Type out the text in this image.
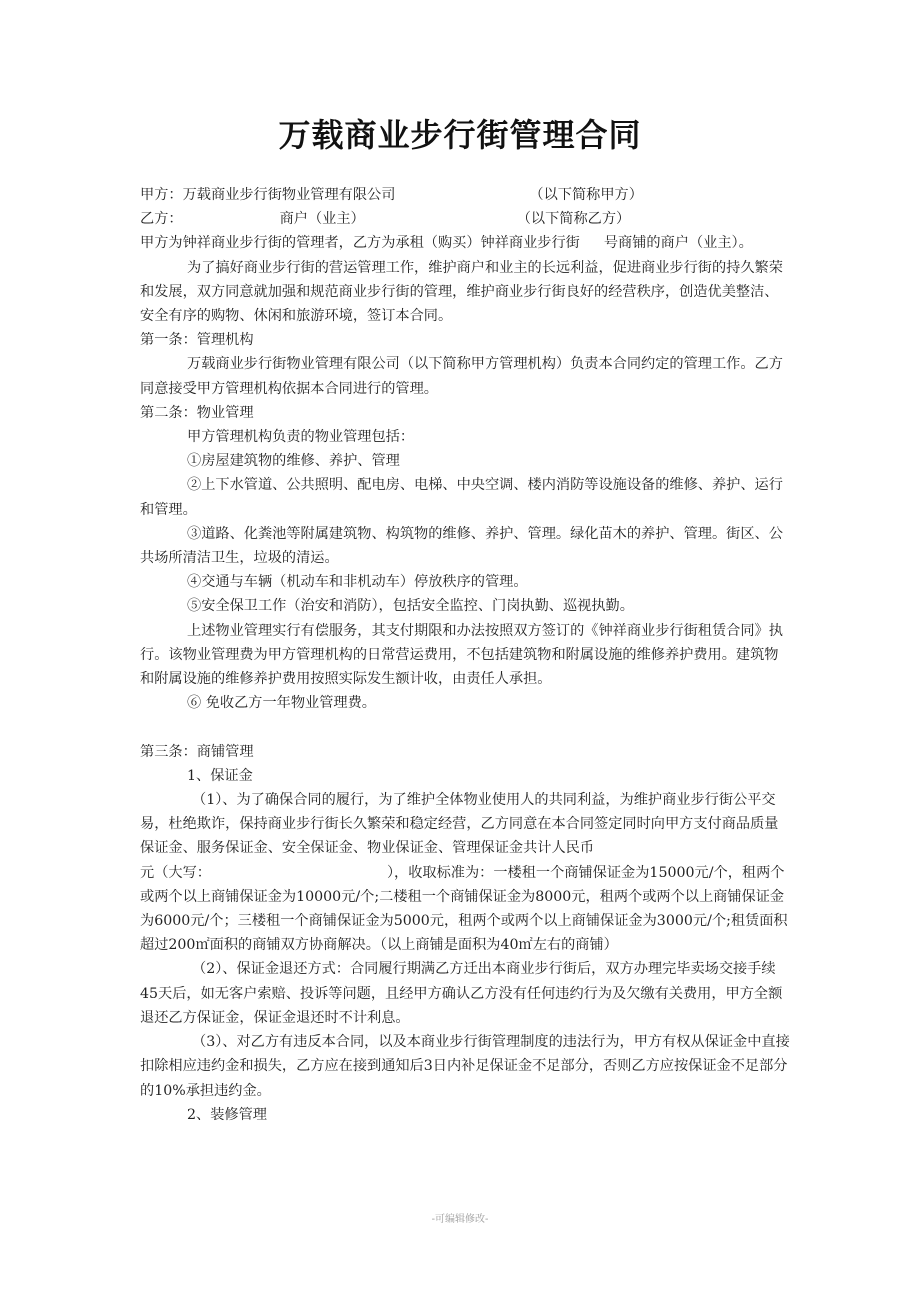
万载商业步行街管理合同

甲方：万载商业步行街物业管理有限公司	（以下简称甲方）

乙方：	商户（业主）	（以下简称乙方）

甲方为钟祥商业步行街的管理者，乙方为承租（购买）钟祥商业步行街 号商铺的商户（业主）。

为了搞好商业步行街的营运管理工作，维护商户和业主的长远利益，促进商业步行街的持久繁荣和发展，双方同意就加强和规范商业步行街的管理，维护商业步行街良好的经营秩序，创造优美整洁、安全有序的购物、休闲和旅游环境，签订本合同。

第一条：管理机构

万载商业步行街物业管理有限公司（以下简称甲方管理机构）负责本合同约定的管理工作。乙方同意接受甲方管理机构依据本合同进行的管理。

第二条：物业管理

甲方管理机构负责的物业管理包括：

①房屋建筑物的维修、养护、管理

②上下水管道、公共照明、配电房、电梯、中央空调、楼内消防等设施设备的维修、养护、运行和管理。

③道路、化粪池等附属建筑物、构筑物的维修、养护、管理。绿化苗木的养护、管理。街区、公共场所清洁卫生，垃圾的清运。

④交通与车辆（机动车和非机动车）停放秩序的管理。

⑤安全保卫工作（治安和消防），包括安全监控、门岗执勤、巡视执勤。

上述物业管理实行有偿服务，其支付期限和办法按照双方签订的《钟祥商业步行街租赁合同》执行。该物业管理费为甲方管理机构的日常营运费用，不包括建筑物和附属设施的维修养护费用。建筑物和附属设施的维修养护费用按照实际发生额计收，由责任人承担。

⑥ 免收乙方一年物业管理费。

第三条：商铺管理

1、保证金

（1）、为了确保合同的履行，为了维护全体物业使用人的共同利益，为维护商业步行街公平交易，杜绝欺诈，保持商业步行街长久繁荣和稳定经营，乙方同意在本合同签定同时向甲方支付商品质量保证金、服务保证金、安全保证金、物业保证金、管理保证金共计人民币
元（大写：	），收取标准为：一楼租一个商铺保证金为15000元/个，租两个或两个以上商铺保证金为10000元/个;二楼租一个商铺保证金为8000元，租两个或两个以上商铺保证金为6000元/个；三楼租一个商铺保证金为5000元，租两个或两个以上商铺保证金为3000元/个;租赁面积超过200㎡面积的商铺双方协商解决。（以上商铺是面积为40㎡左右的商铺）

（2）、保证金退还方式：合同履行期满乙方迁出本商业步行街后，双方办理完毕卖场交接手续45天后，如无客户索赔、投诉等问题，且经甲方确认乙方没有任何违约行为及欠缴有关费用，甲方全额退还乙方保证金，保证金退还时不计利息。

（3）、对乙方有违反本合同，以及本商业步行街管理制度的违法行为，甲方有权从保证金中直接扣除相应违约金和损失，乙方应在接到通知后3日内补足保证金不足部分，否则乙方应按保证金不足部分的10%承担违约金。

2、装修管理

-可编辑修改-
